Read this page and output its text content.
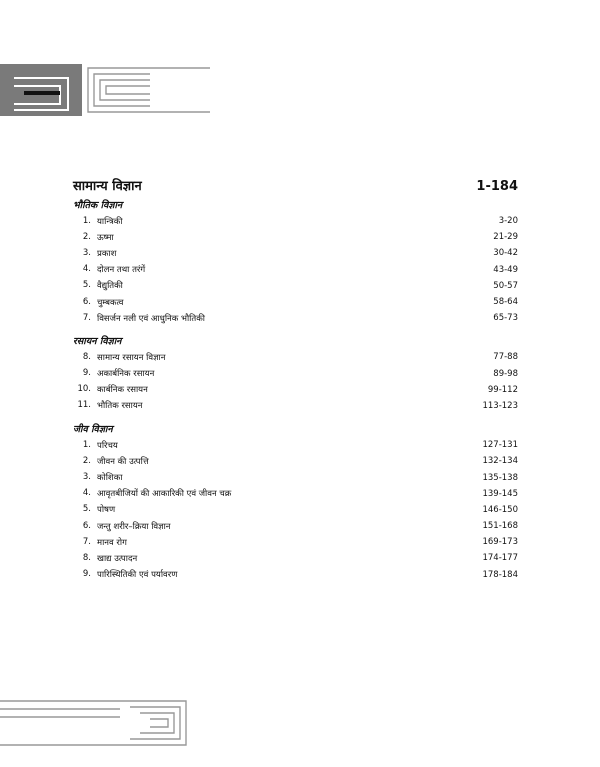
सामान्य विज्ञान	1-184
भौतिक विज्ञान
1. यान्त्रिकी	3-20
2. ऊष्मा	21-29
3. प्रकाश	30-42
4. दोलन तथा तरंगें	43-49
5. वैद्युतिकी	50-57
6. चुम्बकत्व	58-64
7. विसर्जन नली एवं आधुनिक भौतिकी	65-73
रसायन विज्ञान
8. सामान्य रसायन विज्ञान	77-88
9. अकार्बनिक रसायन	89-98
10. कार्बनिक रसायन	99-112
11. भौतिक रसायन	113-123
जीव विज्ञान
1. परिचय	127-131
2. जीवन की उत्पत्ति	132-134
3. कोशिका	135-138
4. आवृतबीजियों की आकारिकी एवं जीवन चक्र	139-145
5. पोषण	146-150
6. जन्तु शरीर–क्रिया विज्ञान	151-168
7. मानव रोग	169-173
8. खाद्य उत्पादन	174-177
9. पारिस्थितिकी एवं पर्यावरण	178-184
